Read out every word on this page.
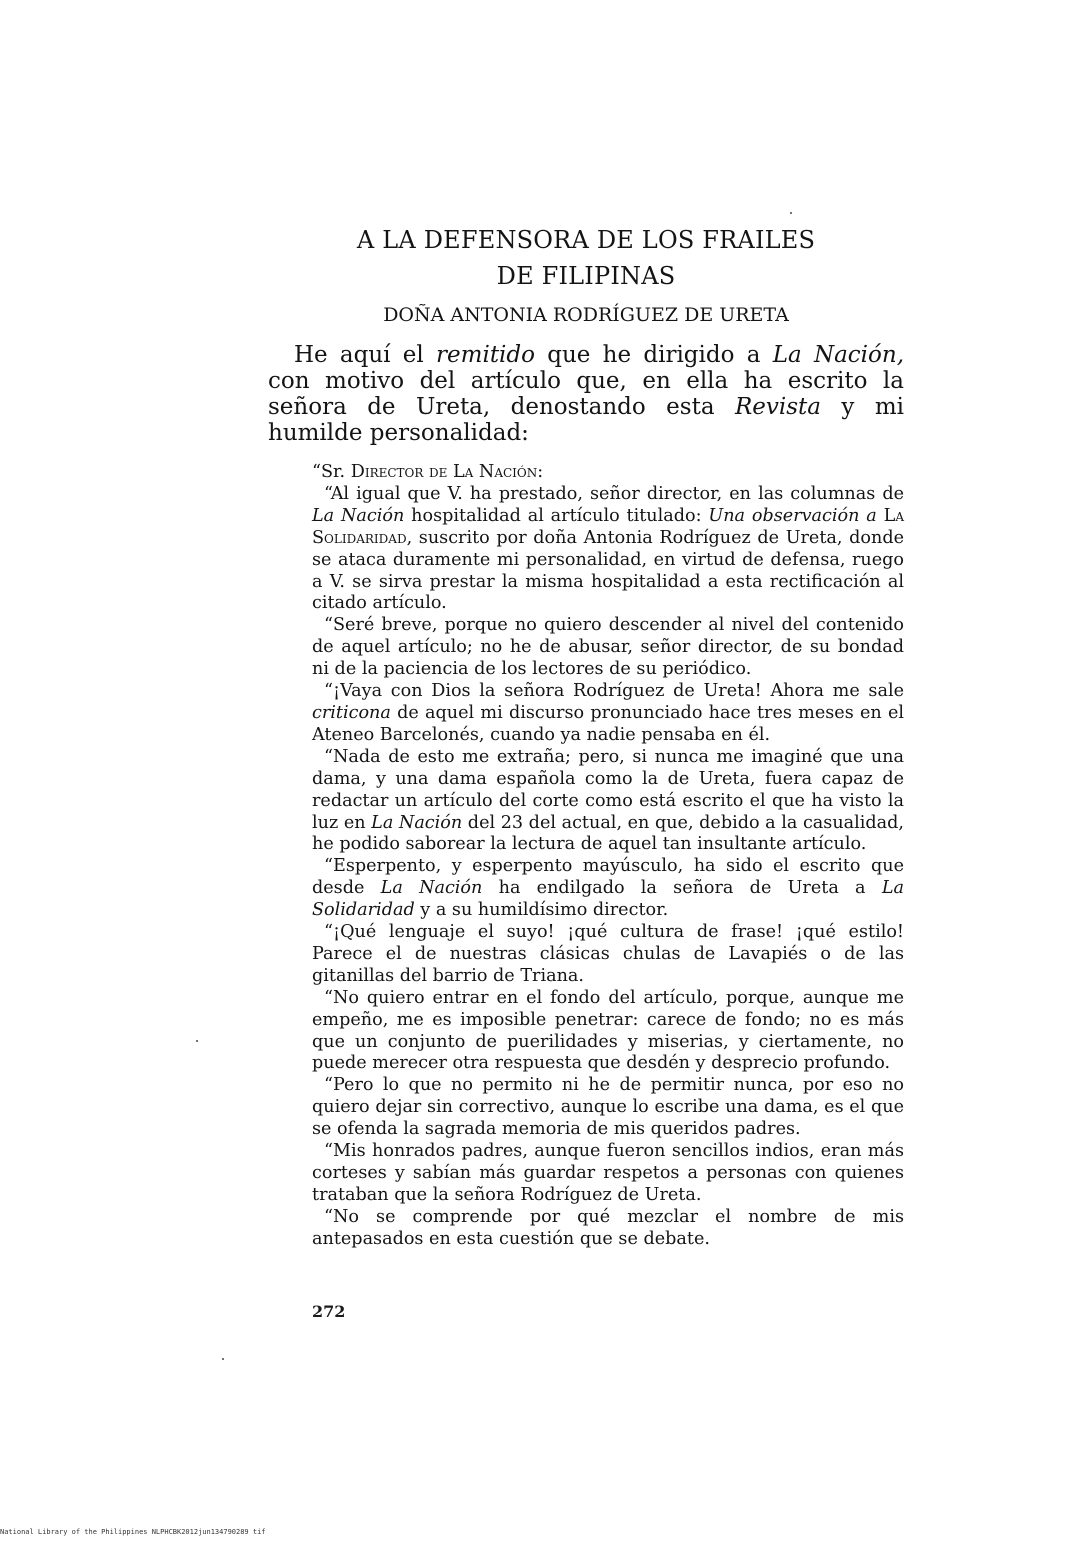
A LA DEFENSORA DE LOS FRAILES
DE FILIPINAS
DOÑA ANTONIA RODRÍGUEZ DE URETA

He aquí el remitido que he dirigido a La Nación, con motivo del artículo que, en ella ha escrito la señora de Ureta, denostando esta Revista y mi humilde personalidad:

“Sr. Director de La Nación:

“Al igual que V. ha prestado, señor director, en las columnas de La Nación hospitalidad al artículo titulado: Una observación a La Solidaridad, suscrito por doña Antonia Rodríguez de Ureta, donde se ataca duramente mi personalidad, en virtud de defensa, ruego a V. se sirva prestar la misma hospitalidad a esta rectificación al citado artículo.

“Seré breve, porque no quiero descender al nivel del contenido de aquel artículo; no he de abusar, señor director, de su bondad ni de la paciencia de los lectores de su periódico.

“¡Vaya con Dios la señora Rodríguez de Ureta! Ahora me sale criticona de aquel mi discurso pronunciado hace tres meses en el Ateneo Barcelonés, cuando ya nadie pensaba en él.

“Nada de esto me extraña; pero, si nunca me imaginé que una dama, y una dama española como la de Ureta, fuera capaz de redactar un artículo del corte como está escrito el que ha visto la luz en La Nación del 23 del actual, en que, debido a la casualidad, he podido saborear la lectura de aquel tan insultante artículo.

“Esperpento, y esperpento mayúsculo, ha sido el escrito que desde La Nación ha endilgado la señora de Ureta a La Solidaridad y a su humildísimo director.

“¡Qué lenguaje el suyo! ¡qué cultura de frase! ¡qué estilo! Parece el de nuestras clásicas chulas de Lavapiés o de las gitanillas del barrio de Triana.

“No quiero entrar en el fondo del artículo, porque, aunque me empeño, me es imposible penetrar: carece de fondo; no es más que un conjunto de puerilidades y miserias, y ciertamente, no puede merecer otra respuesta que desdén y desprecio profundo.

“Pero lo que no permito ni he de permitir nunca, por eso no quiero dejar sin correctivo, aunque lo escribe una dama, es el que se ofenda la sagrada memoria de mis queridos padres.

“Mis honrados padres, aunque fueron sencillos indios, eran más corteses y sabían más guardar respetos a personas con quienes trataban que la señora Rodríguez de Ureta.

“No se comprende por qué mezclar el nombre de mis antepasados en esta cuestión que se debate.

272
National Library of the Philippines NLPHCBK2012jun134790289 tif
